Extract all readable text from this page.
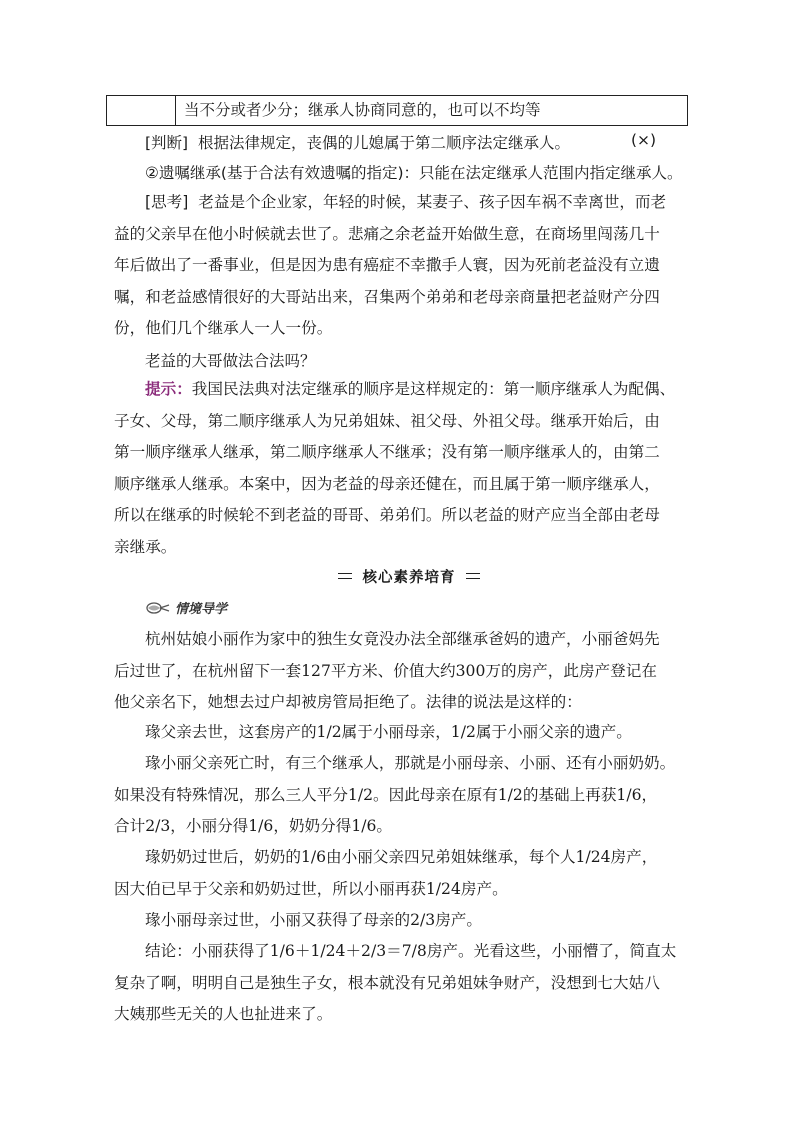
当不分或者少分；继承人协商同意的，也可以不均等
[判断] 根据法律规定，丧偶的儿媳属于第二顺序法定继承人。	(×)
②遗嘱继承(基于合法有效遗嘱的指定)：只能在法定继承人范围内指定继承人。
[思考] 老益是个企业家，年轻的时候，某妻子、孩子因车祸不幸离世，而老
益的父亲早在他小时候就去世了。悲痛之余老益开始做生意，在商场里闯荡几十
年后做出了一番事业，但是因为患有癌症不幸撒手人寰，因为死前老益没有立遗
嘱，和老益感情很好的大哥站出来，召集两个弟弟和老母亲商量把老益财产分四
份，他们几个继承人一人一份。
老益的大哥做法合法吗？
提示：我国民法典对法定继承的顺序是这样规定的：第一顺序继承人为配偶、
子女、父母，第二顺序继承人为兄弟姐妹、祖父母、外祖父母。继承开始后，由
第一顺序继承人继承，第二顺序继承人不继承；没有第一顺序继承人的，由第二
顺序继承人继承。本案中，因为老益的母亲还健在，而且属于第一顺序继承人，
所以在继承的时候轮不到老益的哥哥、弟弟们。所以老益的财产应当全部由老母
亲继承。
核心素养培育
情境导学
杭州姑娘小丽作为家中的独生女竟没办法全部继承爸妈的遗产，小丽爸妈先
后过世了，在杭州留下一套127平方米、价值大约300万的房产，此房产登记在
他父亲名下，她想去过户却被房管局拒绝了。法律的说法是这样的：
瑑父亲去世，这套房产的1/2属于小丽母亲，1/2属于小丽父亲的遗产。
瑑小丽父亲死亡时，有三个继承人，那就是小丽母亲、小丽、还有小丽奶奶。
如果没有特殊情况，那么三人平分1/2。因此母亲在原有1/2的基础上再获1/6，
合计2/3，小丽分得1/6，奶奶分得1/6。
瑑奶奶过世后，奶奶的1/6由小丽父亲四兄弟姐妹继承，每个人1/24房产，
因大伯已早于父亲和奶奶过世，所以小丽再获1/24房产。
瑑小丽母亲过世，小丽又获得了母亲的2/3房产。
结论：小丽获得了1/6＋1/24＋2/3＝7/8房产。光看这些，小丽懵了，简直太
复杂了啊，明明自己是独生子女，根本就没有兄弟姐妹争财产，没想到七大姑八
大姨那些无关的人也扯进来了。
